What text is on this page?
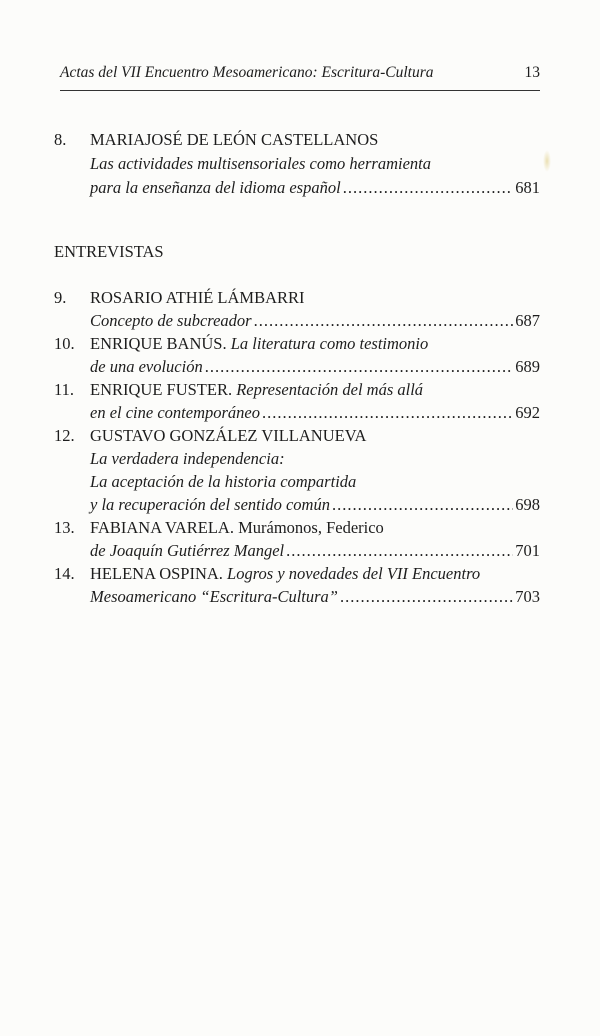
Actas del VII Encuentro Mesoamericano: Escritura-Cultura	13
8. MARIAJOSÉ DE LEÓN CASTELLANOS
Las actividades multisensoriales como herramienta
para la enseñanza del idioma español .....	681
ENTREVISTAS
9. ROSARIO ATHIÉ LÁMBARRI
Concepto de subcreador .....	687
10. ENRIQUE BANÚS. La literatura como testimonio
de una evolución .....	689
11. ENRIQUE FUSTER. Representación del más allá
en el cine contemporáneo .....	692
12. GUSTAVO GONZÁLEZ VILLANUEVA
La verdadera independencia:
La aceptación de la historia compartida
y la recuperación del sentido común .....	698
13. FABIANA VARELA. Murámonos, Federico
de Joaquín Gutiérrez Mangel .....	701
14. HELENA OSPINA. Logros y novedades del VII Encuentro
Mesoamericano “Escritura-Cultura” .....	703
